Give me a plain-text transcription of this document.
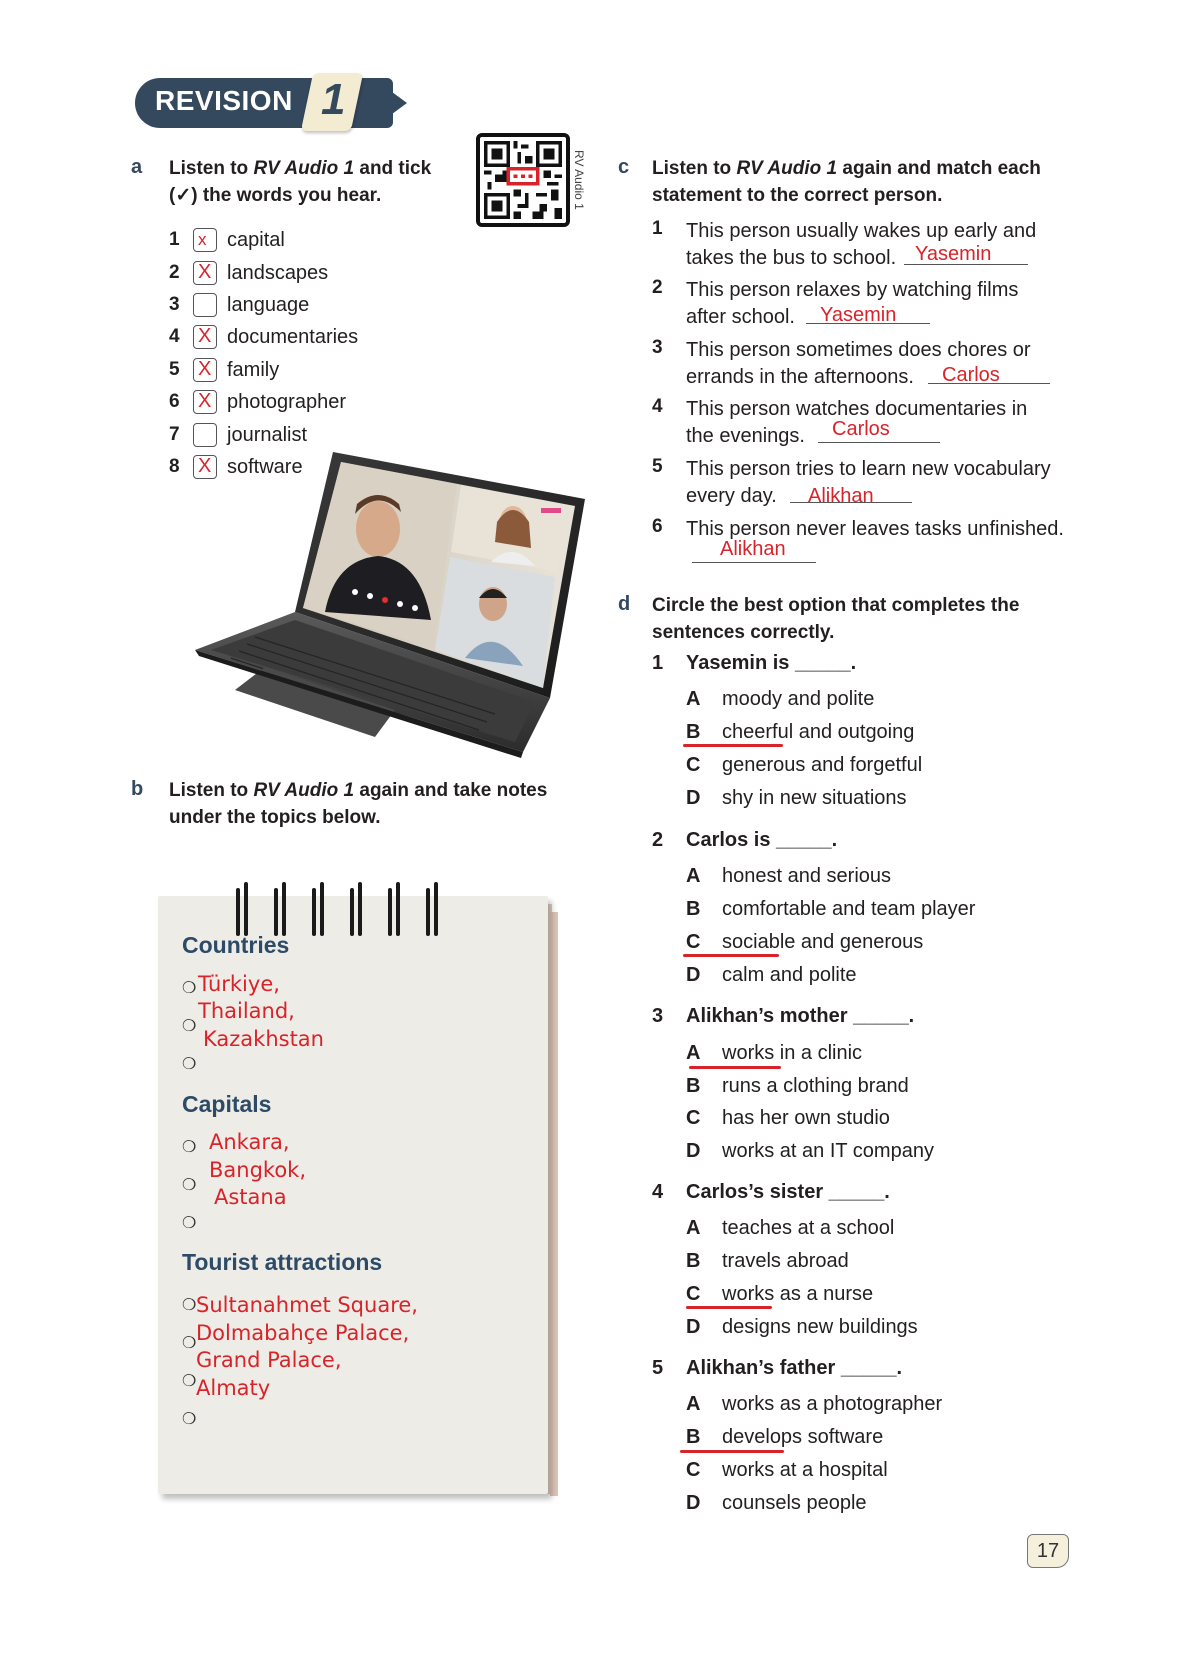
REVISION 1
RV Audio 1
a Listen to RV Audio 1 and tick
(✓) the words you hear.
1	x capital
2 X landscapes
3	language
4 X documentaries
5 X family
6 X photographer
7	journalist
8 X software
b Listen to RV Audio 1 again and take notes
under the topics below.
Countries
❍
❍
❍
Türkiye,
Thailand,
Kazakhstan
Capitals
❍
❍
❍
Ankara,
Bangkok,
Astana
Tourist attractions
❍
❍
❍
❍
Sultanahmet Square,
Dolmabahçe Palace,
Grand Palace,
Almaty
c Listen to RV Audio 1 again and match each
statement to the correct person.
1 This person usually wakes up early and
takes the bus to school. Yasemin
2 This person relaxes by watching films
after school.	Yasemin
3 This person sometimes does chores or
errands in the afternoons.	Carlos
4 This person watches documentaries in
the evenings.	Carlos
5 This person tries to learn new vocabulary
every day.	Alikhan
6 This person never leaves tasks unfinished.
Alikhan
d Circle the best option that completes the
sentences correctly.
1 Yasemin is _____.
A	moody and polite
B	cheerful and outgoing
C	generous and forgetful
D	shy in new situations
2 Carlos is _____.
A	honest and serious
B	comfortable and team player
C	sociable and generous
D	calm and polite
3 Alikhan’s mother _____.
A	works in a clinic
B	runs a clothing brand
C	has her own studio
D	works at an IT company
4 Carlos’s sister _____.
A	teaches at a school
B	travels abroad
C	works as a nurse
D	designs new buildings
5 Alikhan’s father _____.
A	works as a photographer
B	develops software
C	works at a hospital
D	counsels people
17
